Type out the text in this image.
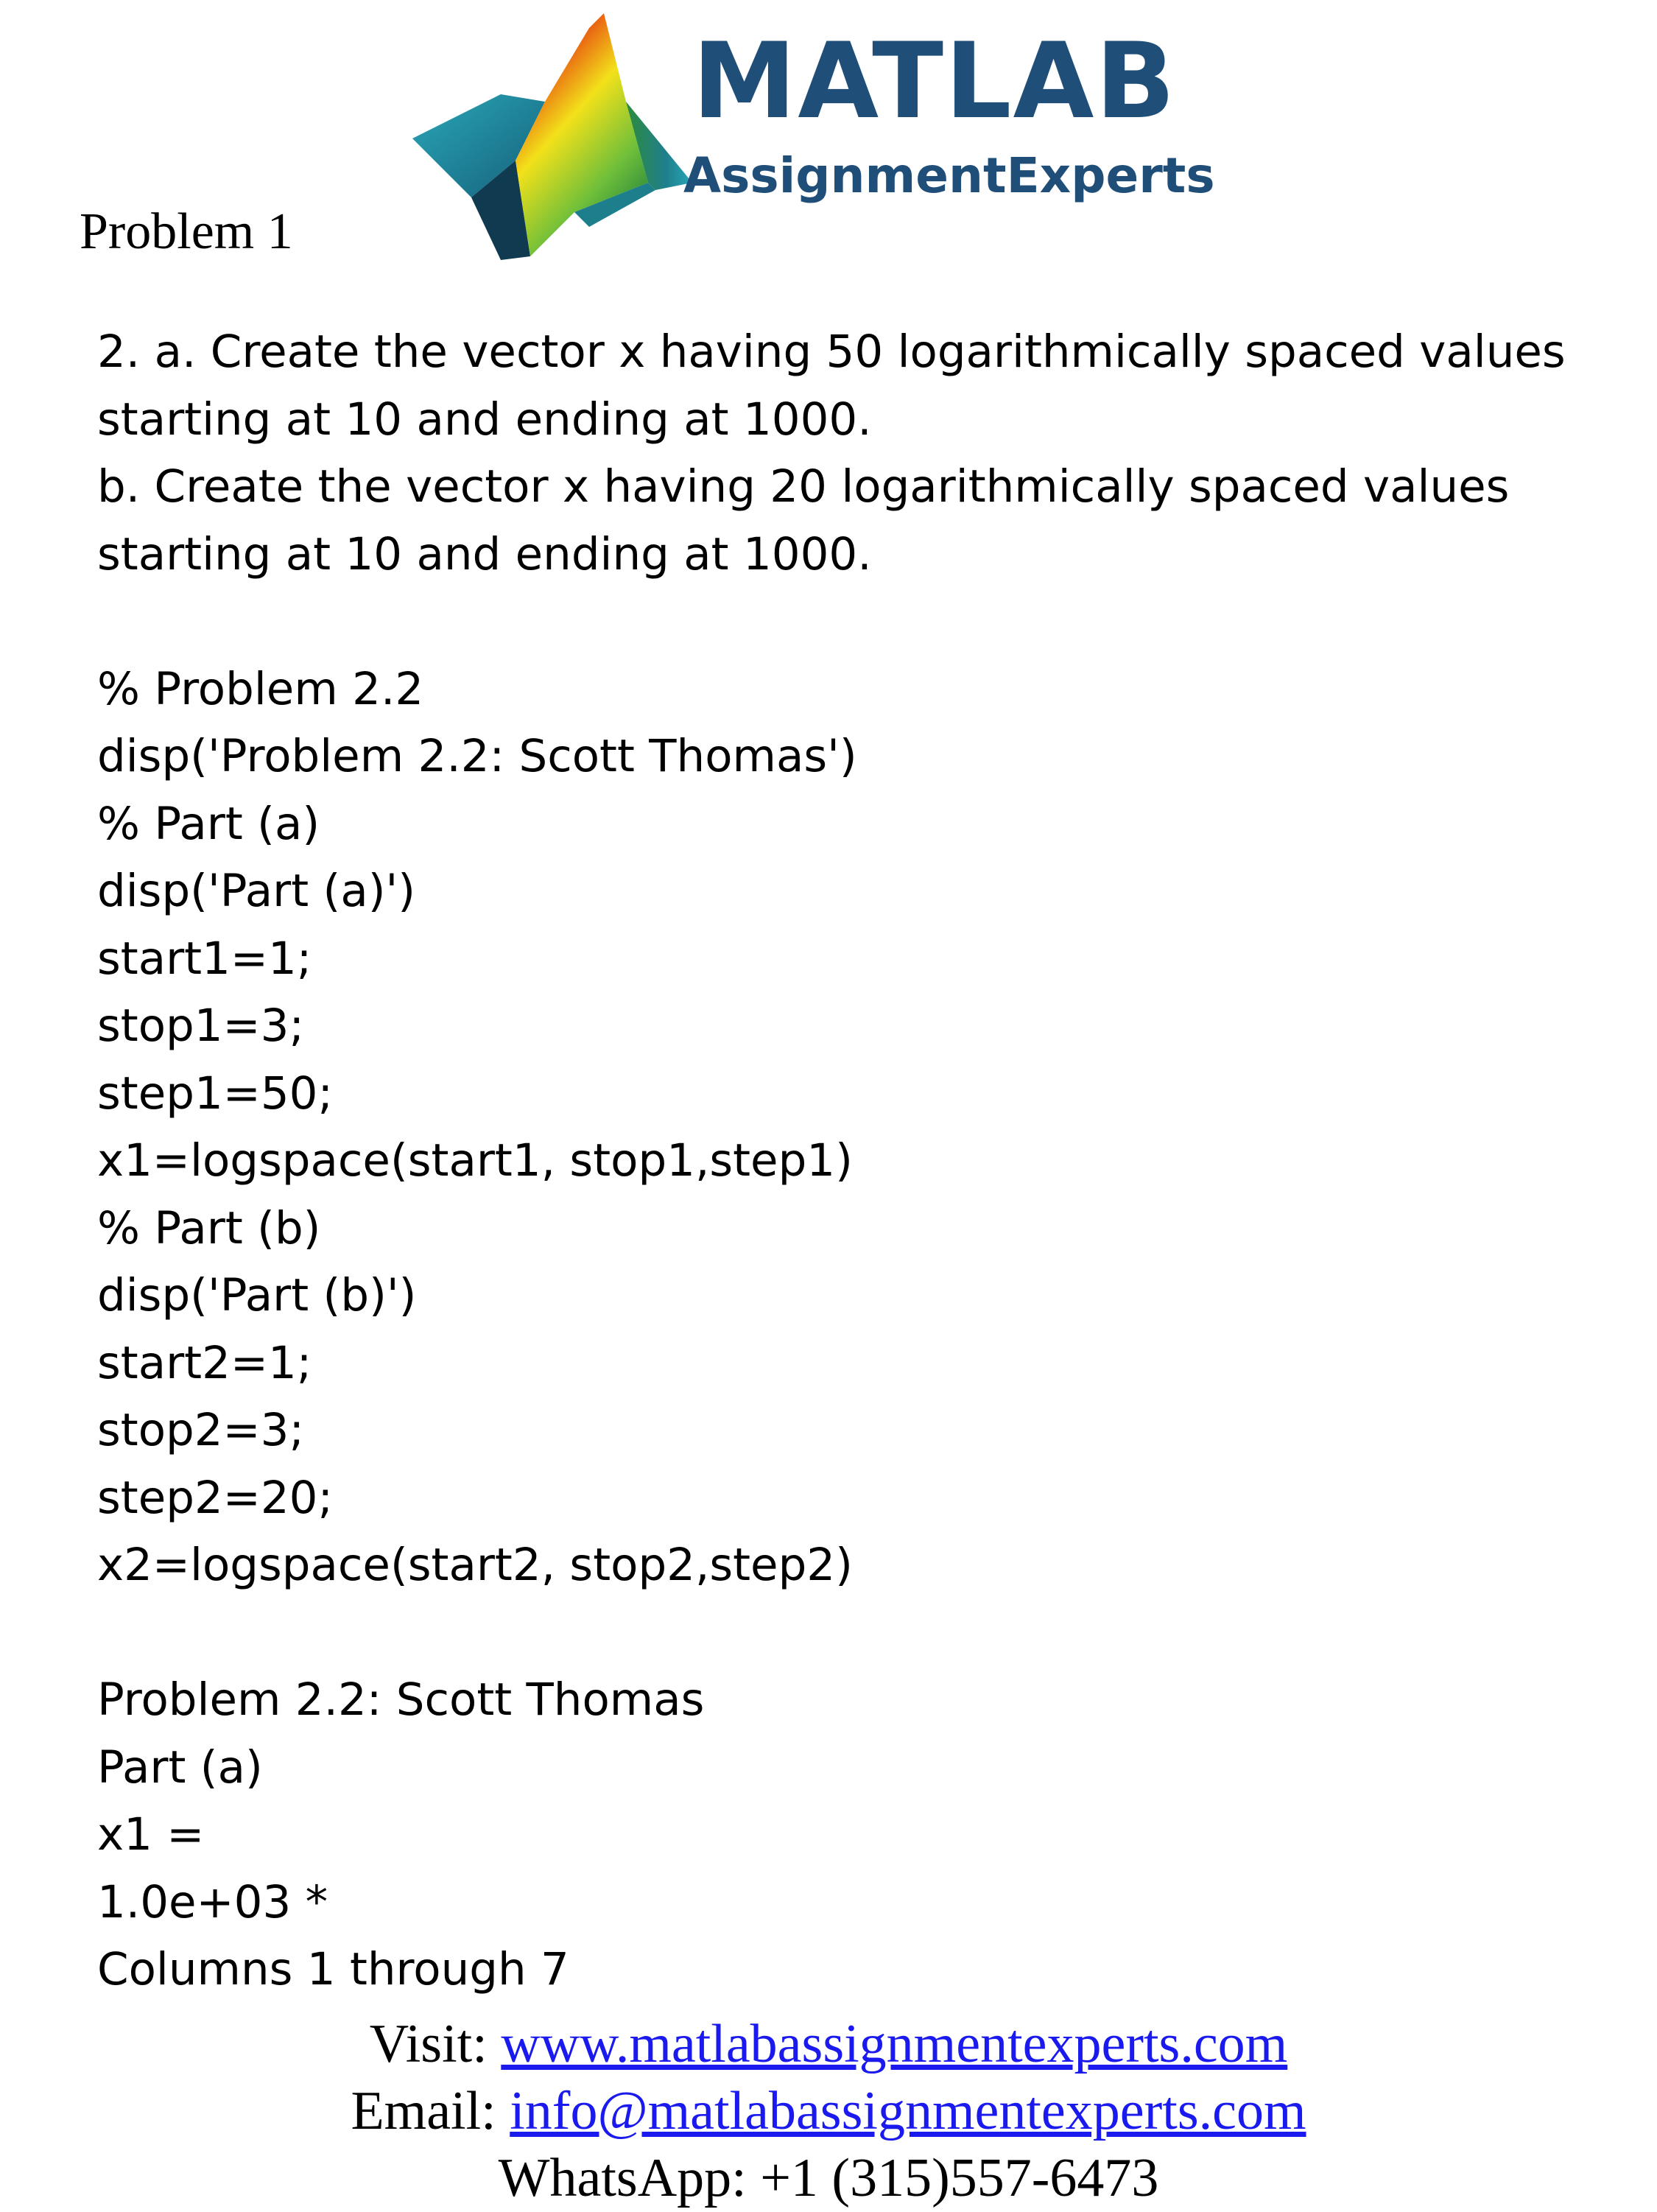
MATLAB
AssignmentExperts
Problem 1
2. a. Create the vector x having 50 logarithmically spaced values
starting at 10 and ending at 1000.
b. Create the vector x having 20 logarithmically spaced values
starting at 10 and ending at 1000.
% Problem 2.2
disp('Problem 2.2: Scott Thomas')
% Part (a)
disp('Part (a)')
start1=1;
stop1=3;
step1=50;
x1=logspace(start1, stop1,step1)
% Part (b)
disp('Part (b)')
start2=1;
stop2=3;
step2=20;
x2=logspace(start2, stop2,step2)
Problem 2.2: Scott Thomas
Part (a)
x1 =
1.0e+03 *
Columns 1 through 7
Visit: www.matlabassignmentexperts.com
Email: info@matlabassignmentexperts.com
WhatsApp: +1 (315)557-6473
